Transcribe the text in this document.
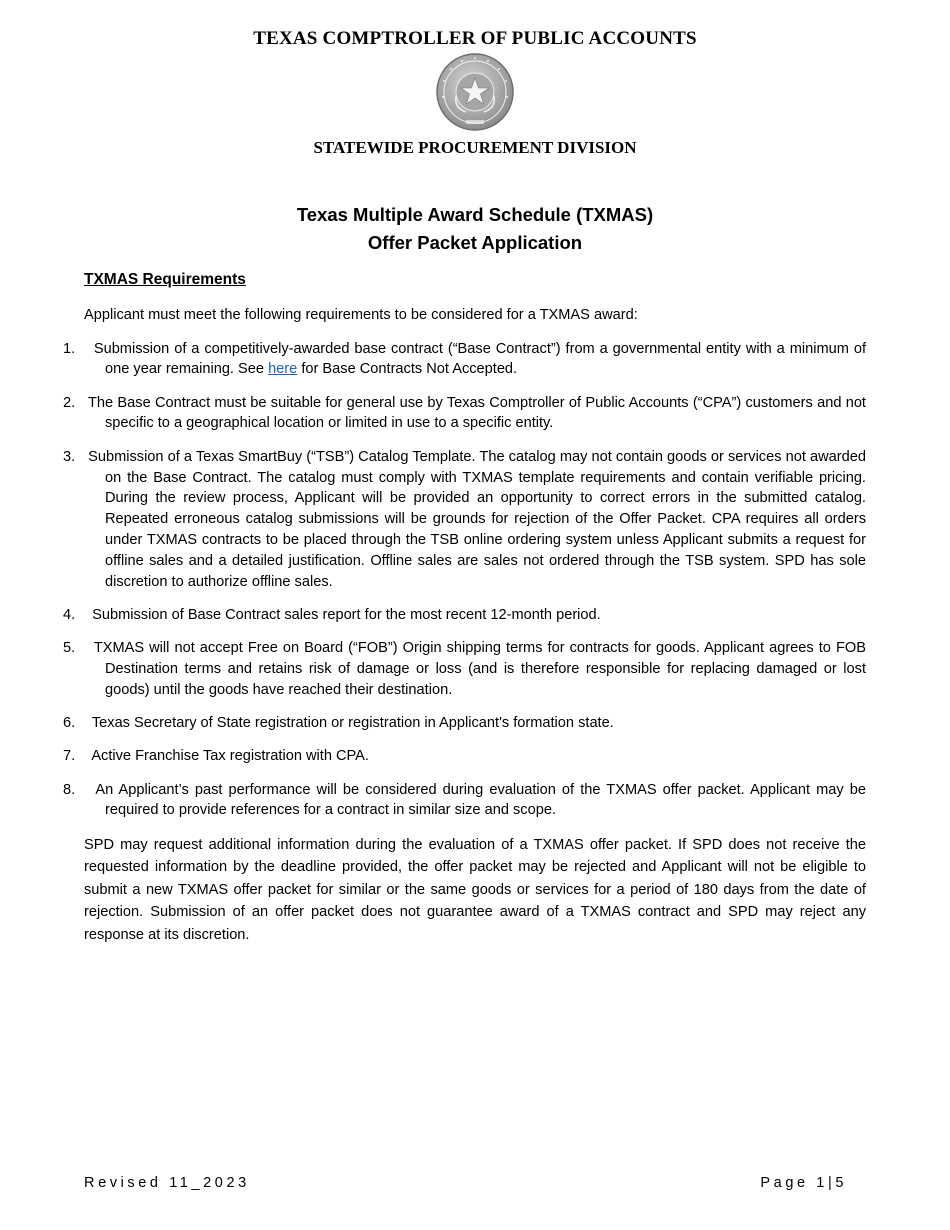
TEXAS COMPTROLLER OF PUBLIC ACCOUNTS
STATEWIDE PROCUREMENT DIVISION
Texas Multiple Award Schedule (TXMAS)
Offer Packet Application
TXMAS Requirements

Applicant must meet the following requirements to be considered for a TXMAS award:

1. Submission of a competitively-awarded base contract (“Base Contract”) from a governmental entity with a minimum of one year remaining. See here for Base Contracts Not Accepted.
2. The Base Contract must be suitable for general use by Texas Comptroller of Public Accounts (“CPA”) customers and not specific to a geographical location or limited in use to a specific entity.
3. Submission of a Texas SmartBuy (“TSB”) Catalog Template. The catalog may not contain goods or services not awarded on the Base Contract. The catalog must comply with TXMAS template requirements and contain verifiable pricing. During the review process, Applicant will be provided an opportunity to correct errors in the submitted catalog. Repeated erroneous catalog submissions will be grounds for rejection of the Offer Packet. CPA requires all orders under TXMAS contracts to be placed through the TSB online ordering system unless Applicant submits a request for offline sales and a detailed justification. Offline sales are sales not ordered through the TSB system. SPD has sole discretion to authorize offline sales.
4. Submission of Base Contract sales report for the most recent 12-month period.
5. TXMAS will not accept Free on Board (“FOB”) Origin shipping terms for contracts for goods. Applicant agrees to FOB Destination terms and retains risk of damage or loss (and is therefore responsible for replacing damaged or lost goods) until the goods have reached their destination.
6. Texas Secretary of State registration or registration in Applicant's formation state.
7. Active Franchise Tax registration with CPA.
8. An Applicant’s past performance will be considered during evaluation of the TXMAS offer packet. Applicant may be required to provide references for a contract in similar size and scope.

SPD may request additional information during the evaluation of a TXMAS offer packet. If SPD does not receive the requested information by the deadline provided, the offer packet may be rejected and Applicant will not be eligible to submit a new TXMAS offer packet for similar or the same goods or services for a period of 180 days from the date of rejection. Submission of an offer packet does not guarantee award of a TXMAS contract and SPD may reject any response at its discretion.

Revised 11_2023	Page 1|5
